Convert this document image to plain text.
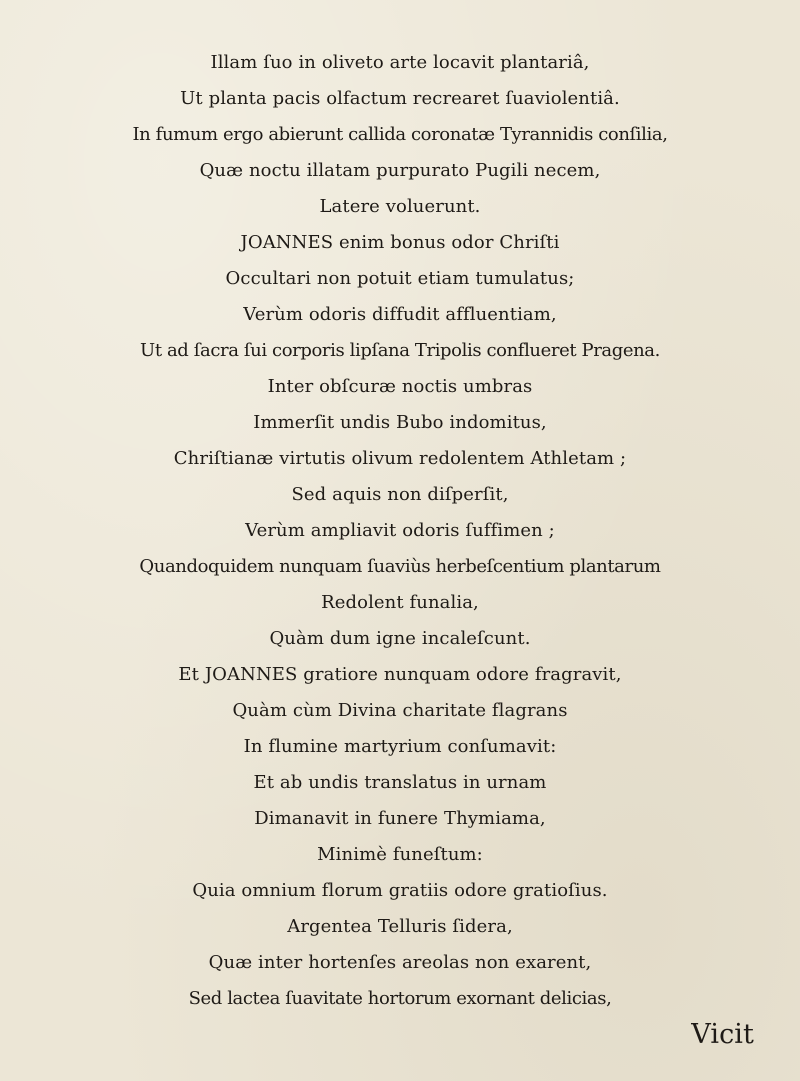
Illam ſuo in oliveto arte locavit plantariâ,
Ut planta pacis olfactum recrearet ſuaviolentiâ.
In fumum ergo abierunt callida coronatæ Tyrannidis conſilia,
Quæ noctu illatam purpurato Pugili necem,
Latere voluerunt.
JOANNES enim bonus odor Chriſti
Occultari non potuit etiam tumulatus;
Verùm odoris diffudit affluentiam,
Ut ad ſacra ſui corporis lipſana Tripolis conflueret Pragena.
Inter obſcuræ noctis umbras
Immerſit undis Bubo indomitus,
Chriſtianæ virtutis olivum redolentem Athletam ;
Sed aquis non diſperſit,
Verùm ampliavit odoris ſuffimen ;
Quandoquidem nunquam ſuaviùs herbeſcentium plantarum
Redolent funalia,
Quàm dum igne incaleſcunt.
Et JOANNES gratiore nunquam odore fragravit,
Quàm cùm Divina charitate flagrans
In flumine martyrium conſumavit:
Et ab undis translatus in urnam
Dimanavit in funere Thymiama,
Minimè funeſtum:
Quia omnium florum gratiis odore gratioſius.
Argentea Telluris ſidera,
Quæ inter hortenſes areolas non exarent,
Sed lactea ſuavitate hortorum exornant delicias,
Vicit
